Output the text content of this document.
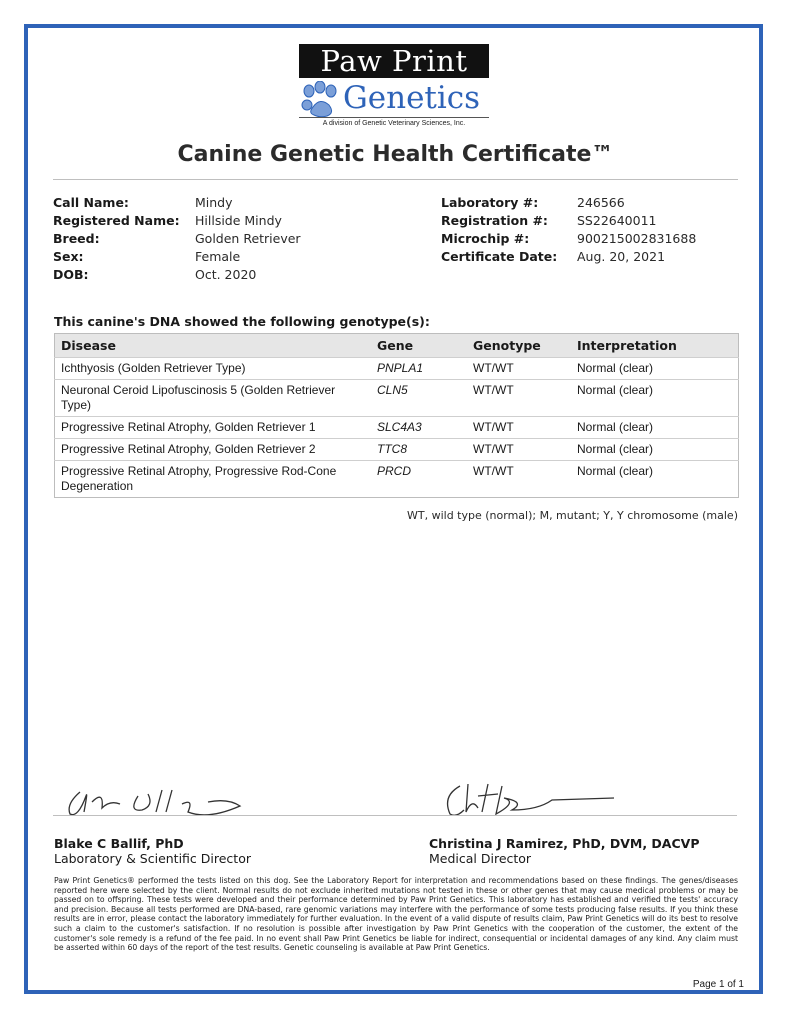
Paw Print
Genetics
A division of Genetic Veterinary Sciences, Inc.
Canine Genetic Health Certificate™
Call Name:	Mindy
Registered Name:	Hillside Mindy
Breed:	Golden Retriever
Sex:	Female
DOB:	Oct. 2020
Laboratory #:	246566
Registration #:	SS22640011
Microchip #:	900215002831688
Certificate Date:	Aug. 20, 2021
This canine's DNA showed the following genotype(s):
Disease	Gene	Genotype	Interpretation
Ichthyosis (Golden Retriever Type)	PNPLA1	WT/WT	Normal (clear)
Neuronal Ceroid Lipofuscinosis 5 (Golden Retriever Type)	CLN5	WT/WT	Normal (clear)
Progressive Retinal Atrophy, Golden Retriever 1	SLC4A3	WT/WT	Normal (clear)
Progressive Retinal Atrophy, Golden Retriever 2	TTC8	WT/WT	Normal (clear)
Progressive Retinal Atrophy, Progressive Rod-Cone Degeneration	PRCD	WT/WT	Normal (clear)
WT, wild type (normal); M, mutant; Y, Y chromosome (male)
Blake C Ballif, PhD
Laboratory & Scientific Director
Christina J Ramirez, PhD, DVM, DACVP
Medical Director
Paw Print Genetics® performed the tests listed on this dog. See the Laboratory Report for interpretation and recommendations based on these findings. The genes/diseases reported here were selected by the client. Normal results do not exclude inherited mutations not tested in these or other genes that may cause medical problems or may be passed on to offspring. These tests were developed and their performance determined by Paw Print Genetics. This laboratory has established and verified the tests' accuracy and precision. Because all tests performed are DNA-based, rare genomic variations may interfere with the performance of some tests producing false results. If you think these results are in error, please contact the laboratory immediately for further evaluation. In the event of a valid dispute of results claim, Paw Print Genetics will do its best to resolve such a claim to the customer's satisfaction. If no resolution is possible after investigation by Paw Print Genetics with the cooperation of the customer, the extent of the customer's sole remedy is a refund of the fee paid. In no event shall Paw Print Genetics be liable for indirect, consequential or incidental damages of any kind. Any claim must be asserted within 60 days of the report of the test results. Genetic counseling is available at Paw Print Genetics.
Page 1 of 1
